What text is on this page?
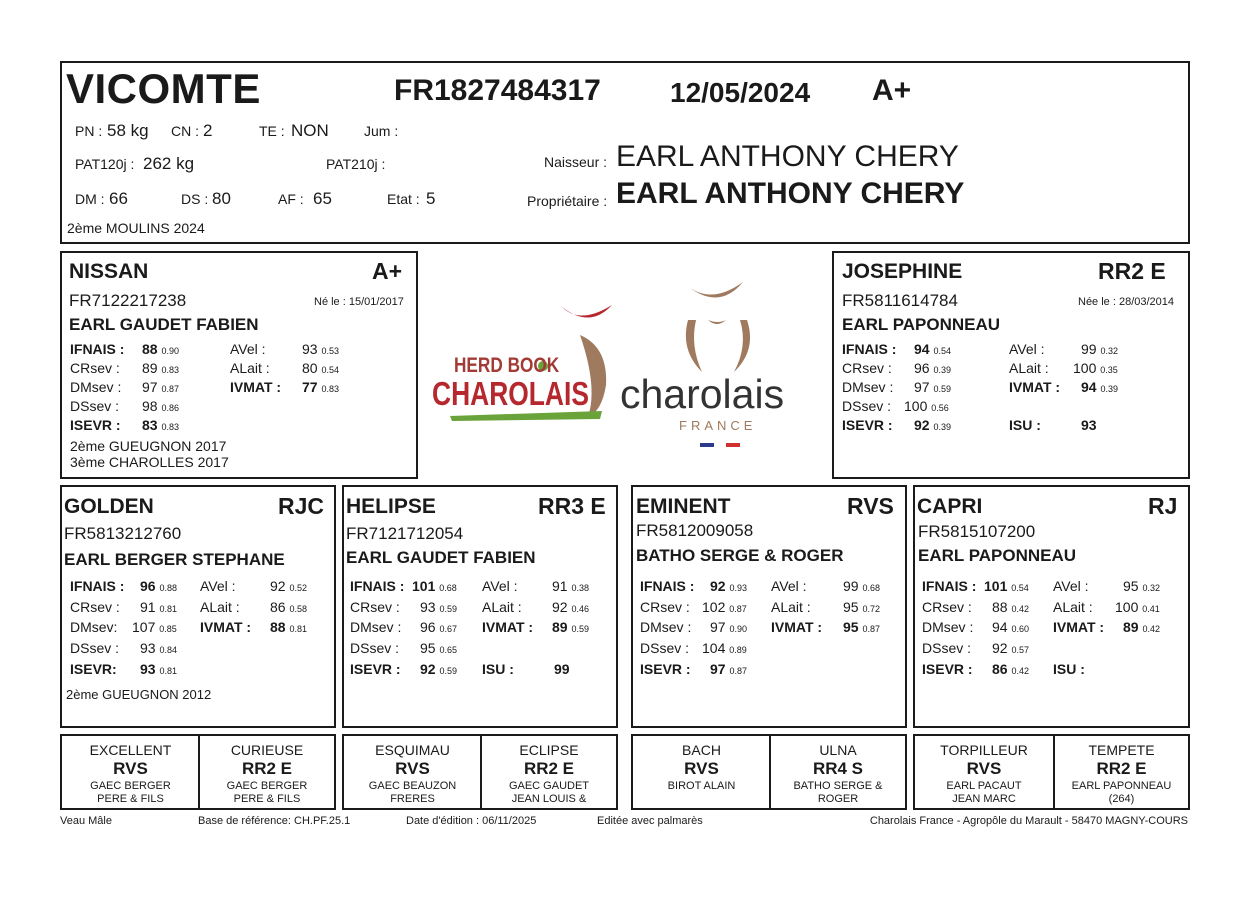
VICOMTE	FR1827484317 12/05/2024 A+
PN : 58 kg CN : 2	TE : NON	Jum :
PAT120j : 262 kg	PAT210j :
DM : 66	DS : 80	AF : 65	Etat : 5
2ème MOULINS 2024
Naisseur : EARL ANTHONY CHERY
Propriétaire : EARL ANTHONY CHERY
HERD BOOK
CHAROLAIS charolais
FRANCE
NISSAN	A+
FR7122217238	Né le : 15/01/2017
EARL GAUDET FABIEN
IFNAIS : 88 0.90
CRsev : 89 0.83
DMsev : 97 0.87
DSsev : 98 0.86
ISEVR : 83 0.83
AVel :	93 0.53
ALait : 80 0.54
IVMAT : 77 0.83
2ème GUEUGNON 2017
3ème CHAROLLES 2017
JOSEPHINE	RR2 E
FR5811614784	Née le : 28/03/2014
EARL PAPONNEAU
IFNAIS : 94 0.54
CRsev : 96 0.39
DMsev : 97 0.59
DSsev : 100 0.56
ISEVR : 92 0.39
AVel :	99 0.32
ALait : 100 0.35
IVMAT : 94 0.39
ISU :	93
GOLDEN	RJC
FR5813212760
EARL BERGER STEPHANE
IFNAIS : 96 0.88
CRsev : 91 0.81
DMsev: 107 0.85
DSsev : 93 0.84
ISEVR: 93 0.81
AVel : 92 0.52
ALait : 86 0.58
IVMAT : 88 0.81
2ème GUEUGNON 2012
HELIPSE	RR3 E
FR7121712054
EARL GAUDET FABIEN
IFNAIS : 101 0.68
CRsev : 93 0.59
DMsev : 96 0.67
DSsev : 95 0.65
ISEVR : 92 0.59
AVel : 91 0.38
ALait : 92 0.46
IVMAT : 89 0.59
ISU :	99
EMINENT	RVS
FR5812009058
BATHO SERGE & ROGER
IFNAIS : 92 0.93
CRsev : 102 0.87
DMsev : 97 0.90
DSsev : 104 0.89
ISEVR : 97 0.87
AVel :	99 0.68
ALait : 95 0.72
IVMAT : 95 0.87
CAPRI	RJ
FR5815107200
EARL PAPONNEAU
IFNAIS : 101 0.54
CRsev : 88 0.42
DMsev : 94 0.60
DSsev : 92 0.57
ISEVR : 86 0.42
AVel : 95 0.32
ALait : 100 0.41
IVMAT : 89 0.42
ISU :
EXCELLENT
RVS
GAEC BERGER
PERE & FILS
CURIEUSE
RR2 E
GAEC BERGER
PERE & FILS
ESQUIMAU
RVS
GAEC BEAUZON
FRERES
ECLIPSE
RR2 E
GAEC GAUDET
JEAN LOUIS &
BACH
RVS
BIROT ALAIN
ULNA
RR4 S
BATHO SERGE &
ROGER
TORPILLEUR
RVS
EARL PACAUT
JEAN MARC
TEMPETE
RR2 E
EARL PAPONNEAU
(264)
Veau Mâle	Base de référence: CH.PF.25.1	Date d'édition : 06/11/2025	Editée avec palmarès	Charolais France - Agropôle du Marault - 58470 MAGNY-COURS
